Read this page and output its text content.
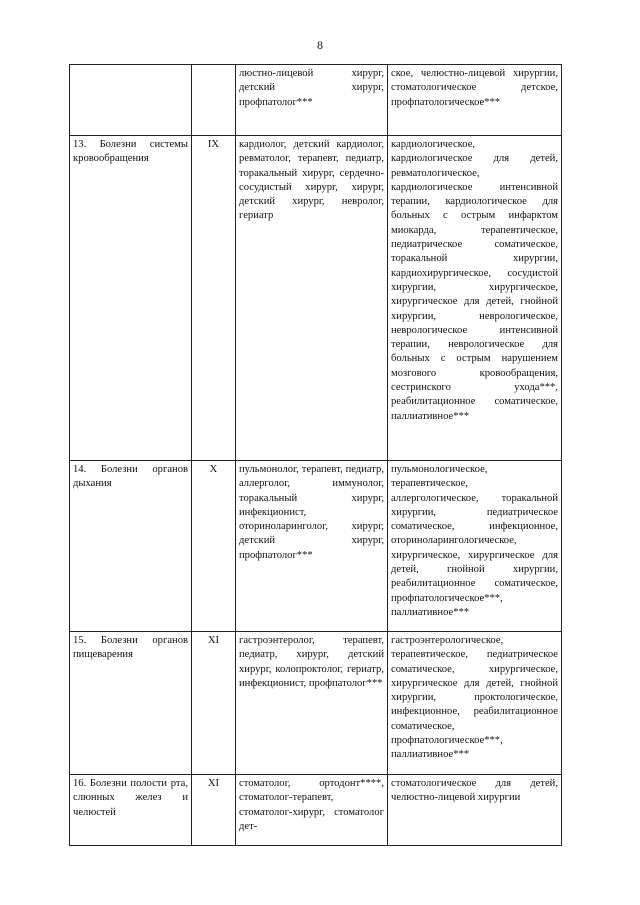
8

		люстно-лицевой хирург, детский хирург, профпатолог***	ское, челюстно-лицевой хирургии, стоматологическое детское, профпатологическое***

13. Болезни системы кровообращения	IX	кардиолог, детский кардиолог, ревматолог, терапевт, педиатр, торакальный хирург, сердечно-сосудистый хирург, хирург, детский хирург, невролог, гериатр	кардиологическое, кардиологическое для детей, ревматологическое, кардиологическое интенсивной терапии, кардиологическое для больных с острым инфарктом миокарда, терапевтическое, педиатрическое соматическое, торакальной хирургии, кардиохирургическое, сосудистой хирургии, хирургическое, хирургическое для детей, гнойной хирургии, неврологическое, неврологическое интенсивной терапии, неврологическое для больных с острым нарушением мозгового кровообращения, сестринского ухода***, реабилитационное соматическое, паллиативное***

14. Болезни органов дыхания	X	пульмонолог, терапевт, педиатр, аллерголог, иммунолог, торакальный хирург, инфекционист, оториноларинголог, хирург, детский хирург, профпатолог***	пульмонологическое, терапевтическое, аллергологическое, торакальной хирургии, педиатрическое соматическое, инфекционное, оториноларингологическое, хирургическое, хирургическое для детей, гнойной хирургии, реабилитационное соматическое, профпатологическое***, паллиативное***

15. Болезни органов пищеварения	XI	гастроэнтеролог, терапевт, педиатр, хирург, детский хирург, колопроктолог, гериатр, инфекционист, профпатолог***	гастроэнтерологическое, терапевтическое, педиатрическое соматическое, хирургическое, хирургическое для детей, гнойной хирургии, проктологическое, инфекционное, реабилитационное соматическое, профпатологическое***, паллиативное***

16. Болезни полости рта, слюнных желез и челюстей	XI	стоматолог, ортодонт****, стоматолог-терапевт, стоматолог-хирург, стоматолог дет-	стоматологическое для детей, челюстно-лицевой хирургии
